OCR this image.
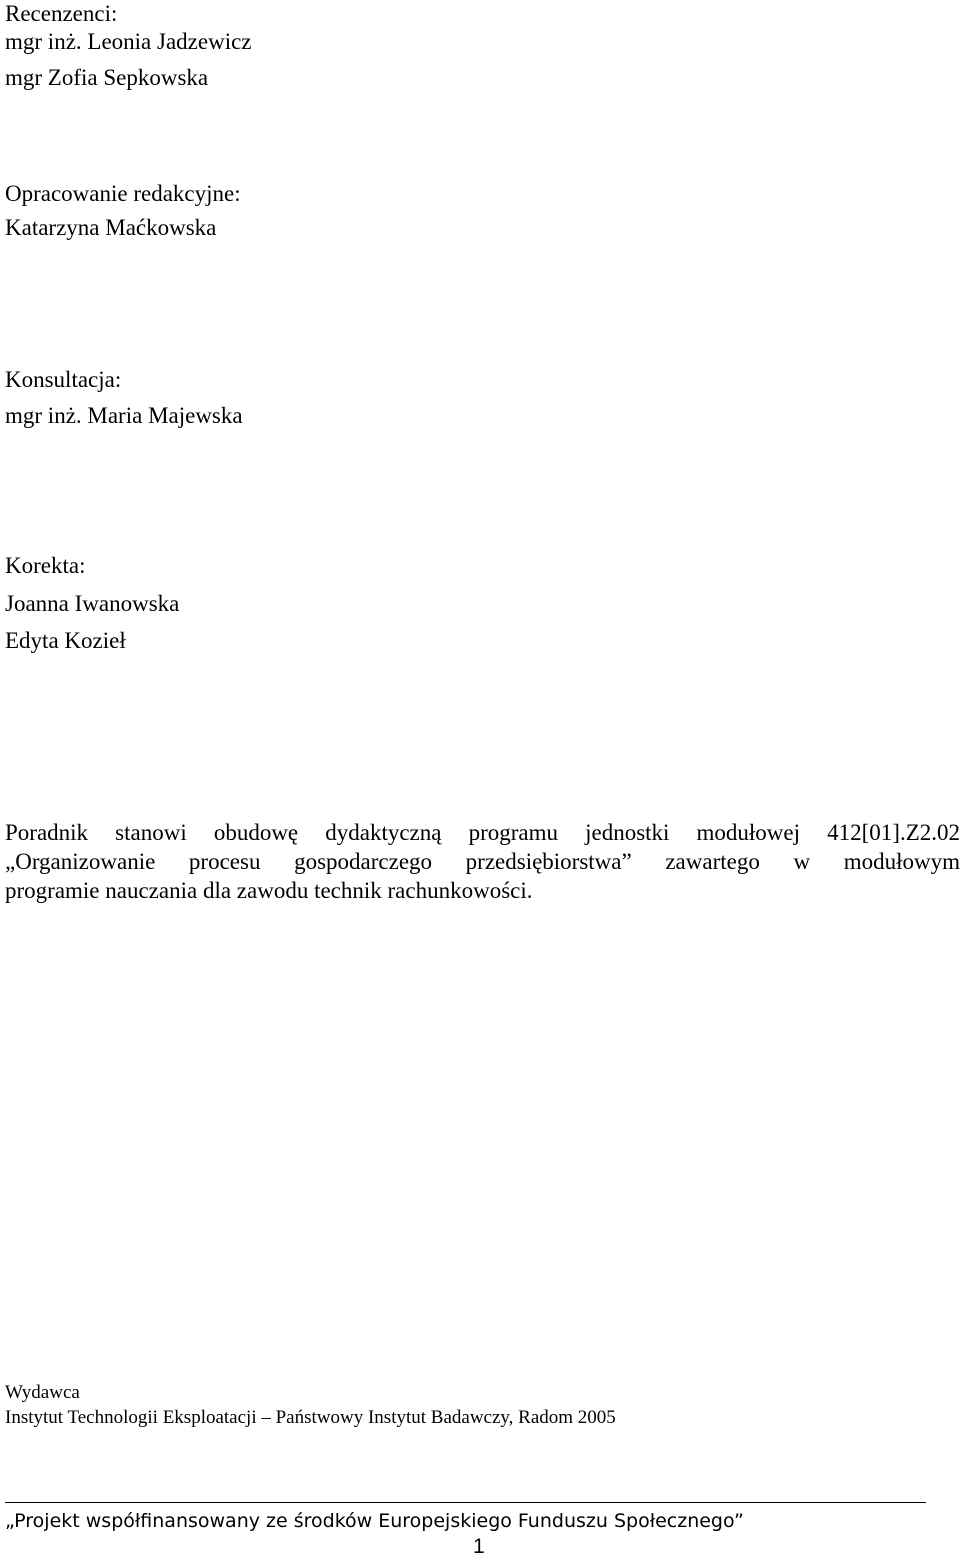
Recenzenci:
mgr inż. Leonia Jadzewicz
mgr Zofia Sepkowska
Opracowanie redakcyjne:
Katarzyna Maćkowska
Konsultacja:
mgr inż. Maria Majewska
Korekta:
Joanna Iwanowska
Edyta Kozieł
Poradnik stanowi obudowę dydaktyczną programu jednostki modułowej 412[01].Z2.02
„Organizowanie procesu gospodarczego przedsiębiorstwa” zawartego w modułowym
programie nauczania dla zawodu technik rachunkowości.
Wydawca
Instytut Technologii Eksploatacji – Państwowy Instytut Badawczy, Radom 2005
„Projekt współfinansowany ze środków Europejskiego Funduszu Społecznego”
1
